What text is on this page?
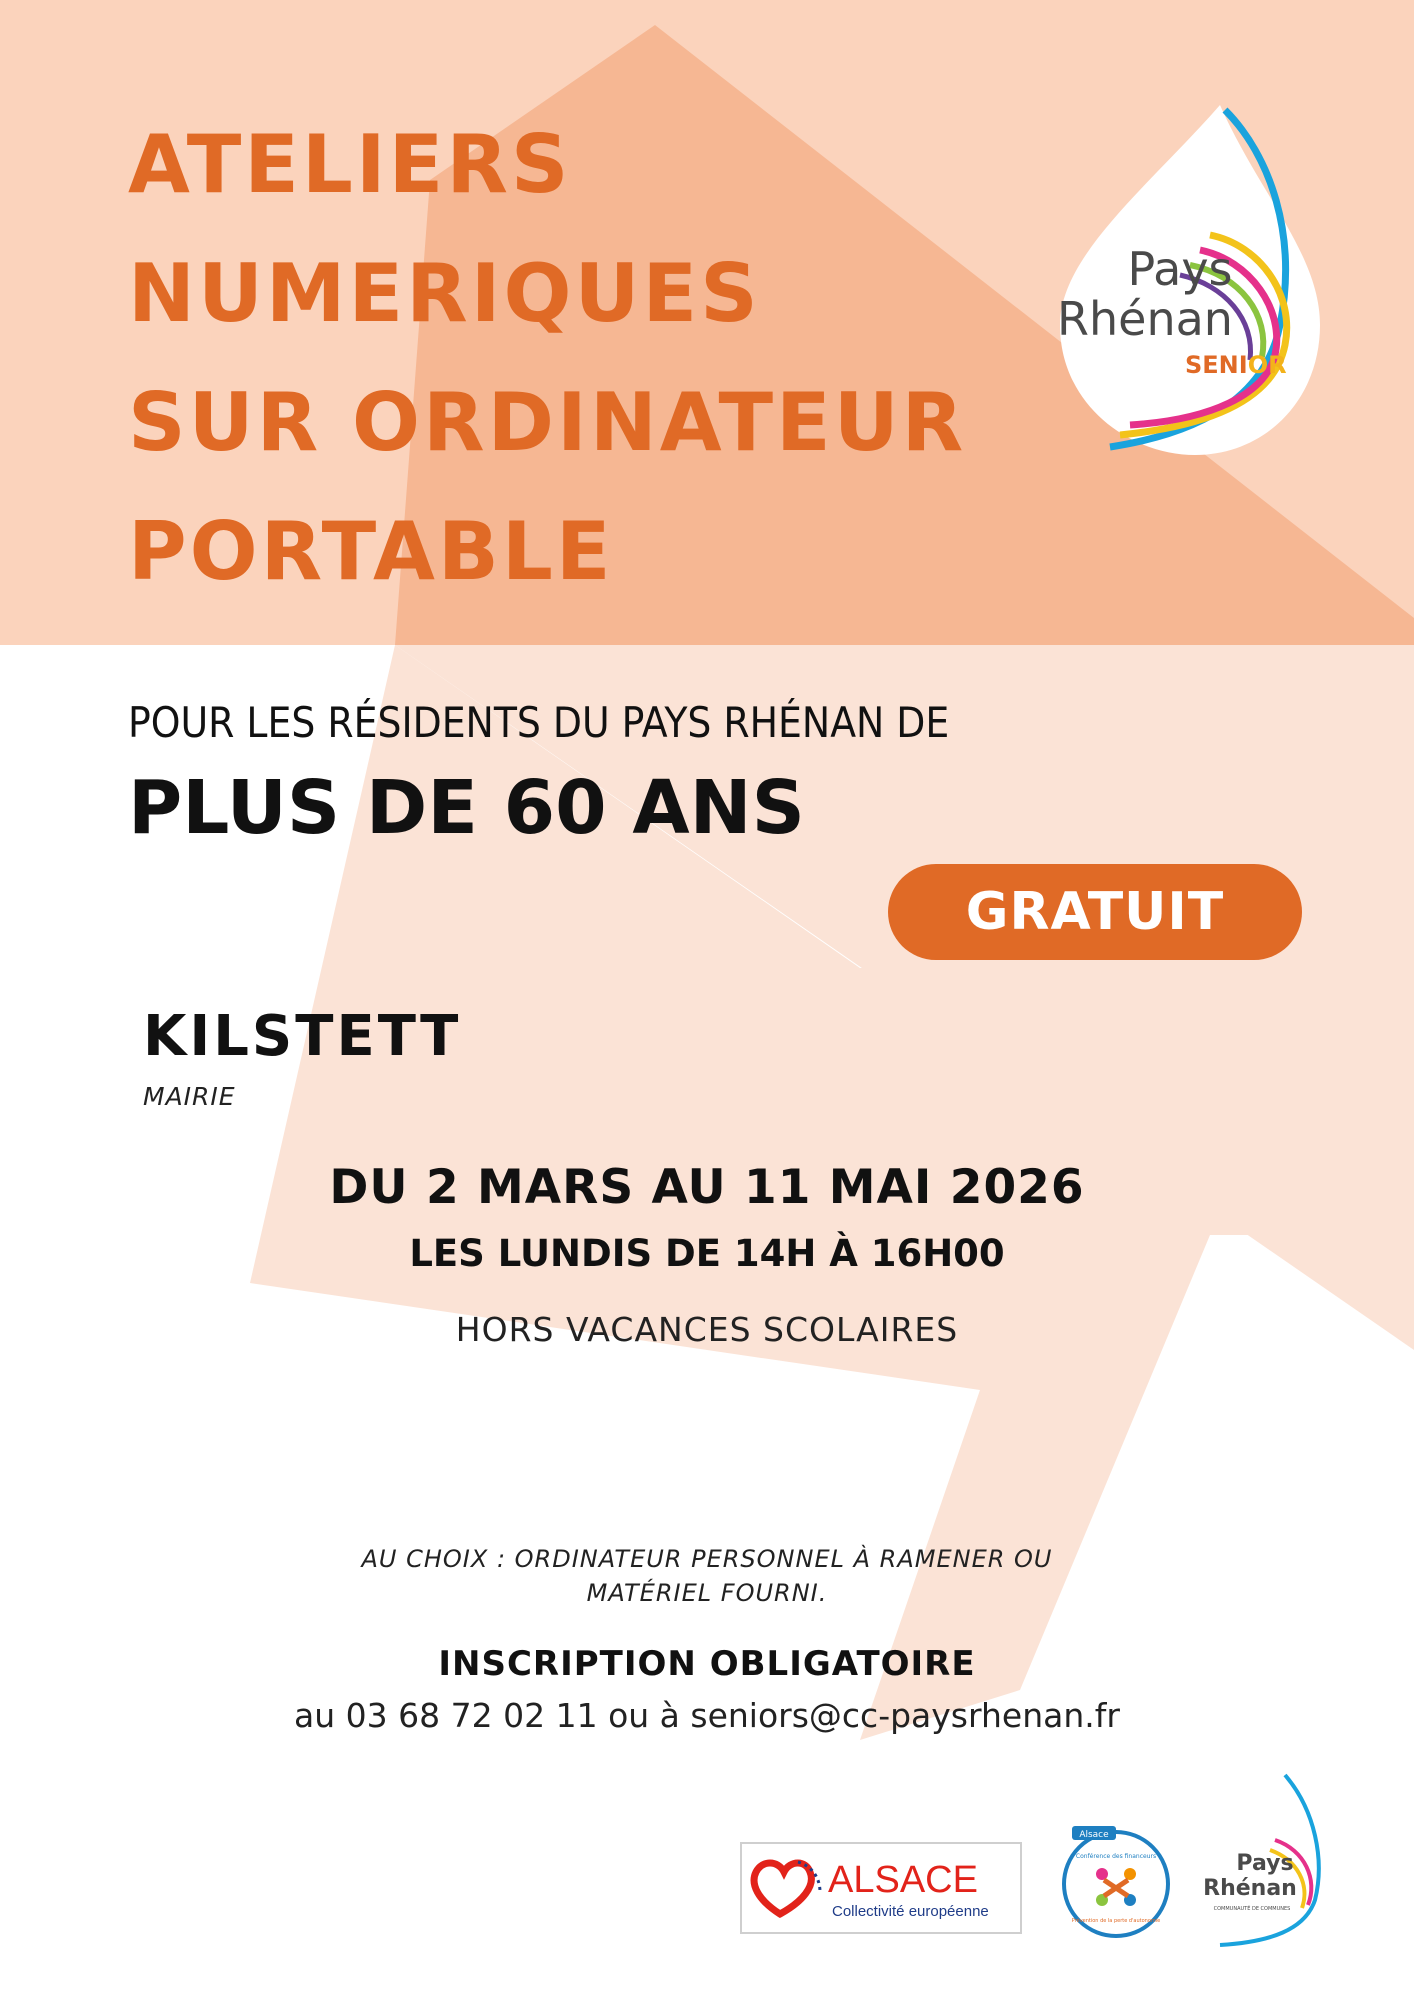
ATELIERS
NUMERIQUES
SUR ORDINATEUR
PORTABLE
Pays
Rhénan
SENIOR
POUR LES RÉSIDENTS DU PAYS RHÉNAN DE
PLUS DE 60 ANS
GRATUIT
KILSTETT
MAIRIE
DU 2 MARS AU 11 MAI 2026
LES LUNDIS DE 14H À 16H00
HORS VACANCES SCOLAIRES
AU CHOIX : ORDINATEUR PERSONNEL À RAMENER OU
MATÉRIEL FOURNI.
INSCRIPTION OBLIGATOIRE
au 03 68 72 02 11 ou à seniors@cc-paysrhenan.fr
ALSACE
Collectivité européenne
Alsace
Conférence des financeurs
Prévention de la perte d'autonomie
Pays
Rhénan
COMMUNAUTÉ DE COMMUNES
